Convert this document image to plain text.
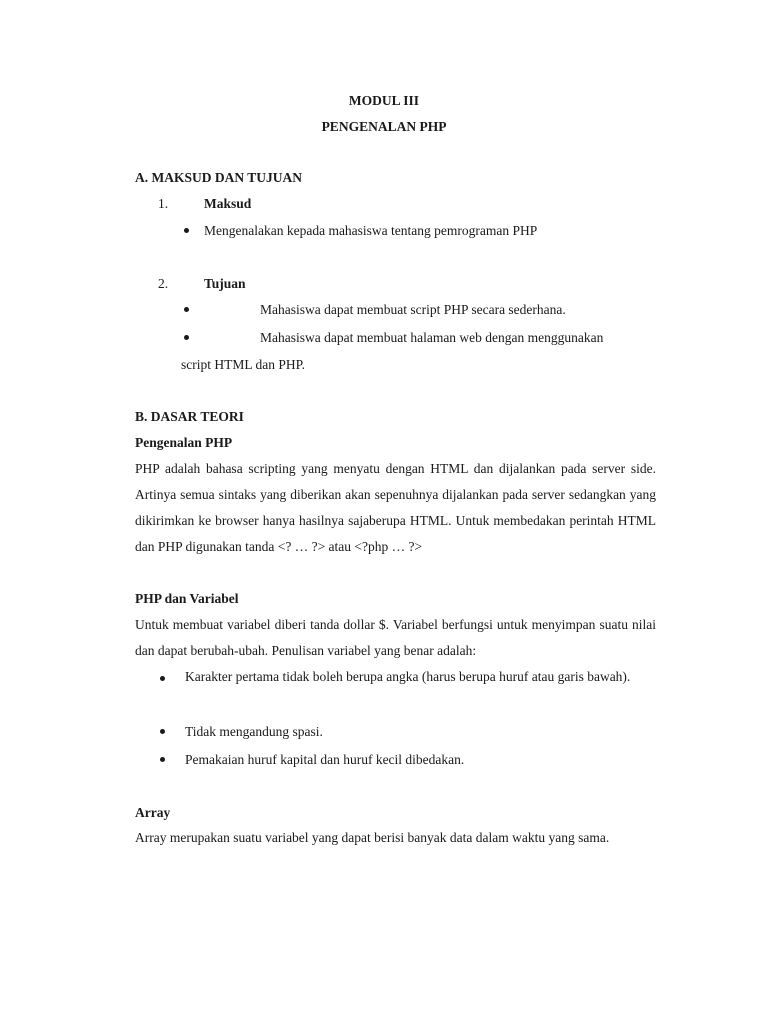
MODUL III
PENGENALAN PHP
A. MAKSUD DAN TUJUAN
1.	Maksud
Mengenalakan kepada mahasiswa tentang pemrograman PHP
2.	Tujuan
Mahasiswa dapat membuat script PHP secara sederhana.
Mahasiswa dapat membuat halaman web dengan menggunakan
script HTML dan PHP.
B. DASAR TEORI
Pengenalan PHP
PHP adalah bahasa scripting yang menyatu dengan HTML dan dijalankan pada server side. Artinya semua sintaks yang diberikan akan sepenuhnya dijalankan pada server sedangkan yang dikirimkan ke browser hanya hasilnya sajaberupa HTML. Untuk membedakan perintah HTML dan PHP digunakan tanda <? … ?> atau <?php … ?>
PHP dan Variabel
Untuk membuat variabel diberi tanda dollar $. Variabel berfungsi untuk menyimpan suatu nilai dan dapat berubah-ubah. Penulisan variabel yang benar adalah:
Karakter pertama tidak boleh berupa angka (harus berupa huruf atau garis bawah).
Tidak mengandung spasi.
Pemakaian huruf kapital dan huruf kecil dibedakan.
Array
Array merupakan suatu variabel yang dapat berisi banyak data dalam waktu yang sama.
